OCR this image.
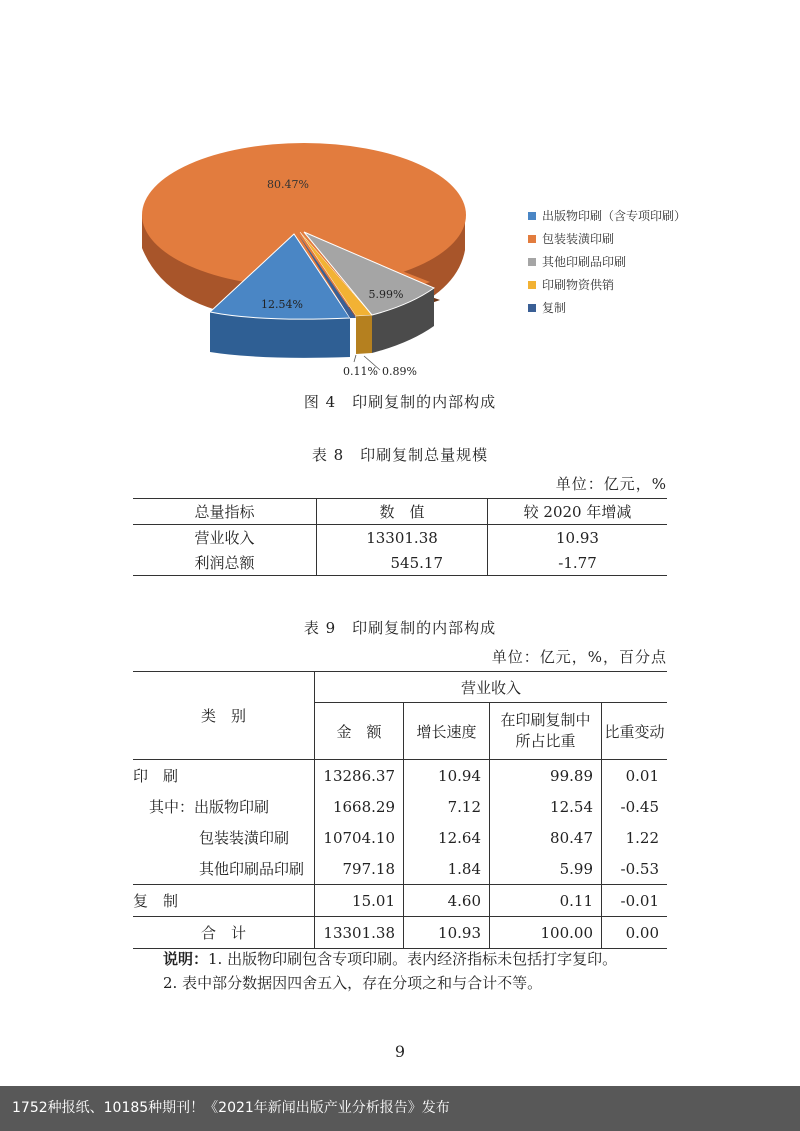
80.47%
12.54%
5.99%
0.11% 0.89%
出版物印刷（含专项印刷）
包装装潢印刷
其他印刷品印刷
印刷物资供销
复制
图 4　印刷复制的内部构成
表 8　印刷复制总量规模
单位：亿元，%
总量指标	数　值	较 2020 年增减
营业收入	13301.38	10.93
利润总额	545.17	-1.77
表 9　印刷复制的内部构成
单位：亿元，%，百分点
类　别	营业收入			
	金　额	增长速度	在印刷复制中所占比重	比重变动
印　刷	13286.37	10.94	99.89	0.01
其中：出版物印刷	1668.29	7.12	12.54	-0.45
包装装潢印刷	10704.10	12.64	80.47	1.22
其他印刷品印刷	797.18	1.84	5.99	-0.53
复　制	15.01	4.60	0.11	-0.01
合　计	13301.38	10.93	100.00	0.00
说明：1. 出版物印刷包含专项印刷。表内经济指标未包括打字复印。
2. 表中部分数据因四舍五入，存在分项之和与合计不等。
9
1752种报纸、10185种期刊！《2021年新闻出版产业分析报告》发布
